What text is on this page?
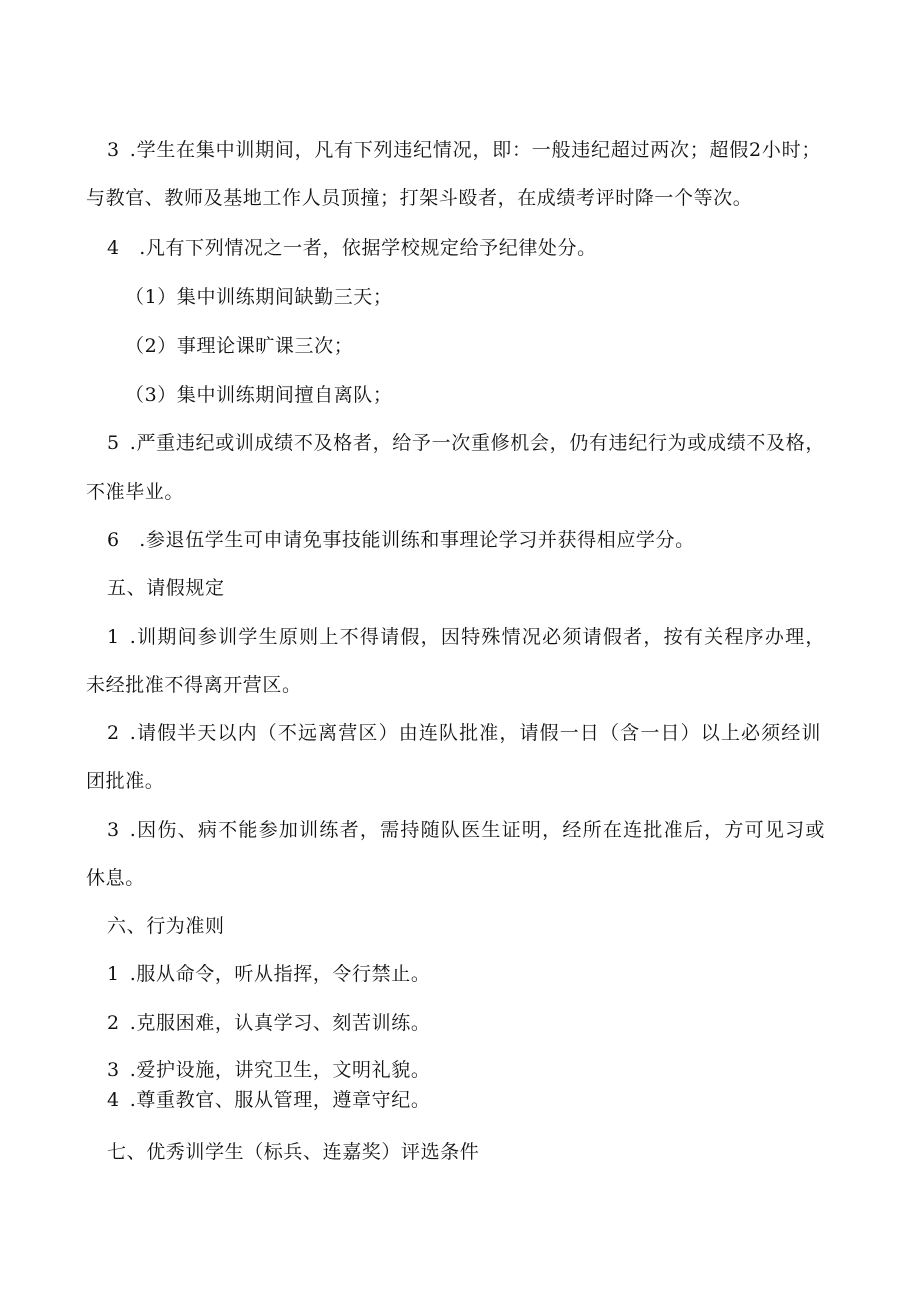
3 .学生在集中训期间，凡有下列违纪情况，即：一般违纪超过两次；超假2小时；
与教官、教师及基地工作人员顶撞；打架斗殴者，在成绩考评时降一个等次。
4 .凡有下列情况之一者，依据学校规定给予纪律处分。
（1）集中训练期间缺勤三天；
（2）事理论课旷课三次；
（3）集中训练期间擅自离队；
5 .严重违纪或训成绩不及格者，给予一次重修机会，仍有违纪行为或成绩不及格，
不准毕业。
6 .参退伍学生可申请免事技能训练和事理论学习并获得相应学分。
五、请假规定
1 .训期间参训学生原则上不得请假，因特殊情况必须请假者，按有关程序办理，
未经批准不得离开营区。
2 .请假半天以内（不远离营区）由连队批准，请假一日（含一日）以上必须经训
团批准。
3 .因伤、病不能参加训练者，需持随队医生证明，经所在连批准后，方可见习或
休息。
六、行为准则
1 .服从命令，听从指挥，令行禁止。
2 .克服困难，认真学习、刻苦训练。
3 .爱护设施，讲究卫生，文明礼貌。
4 .尊重教官、服从管理，遵章守纪。
七、优秀训学生（标兵、连嘉奖）评选条件
